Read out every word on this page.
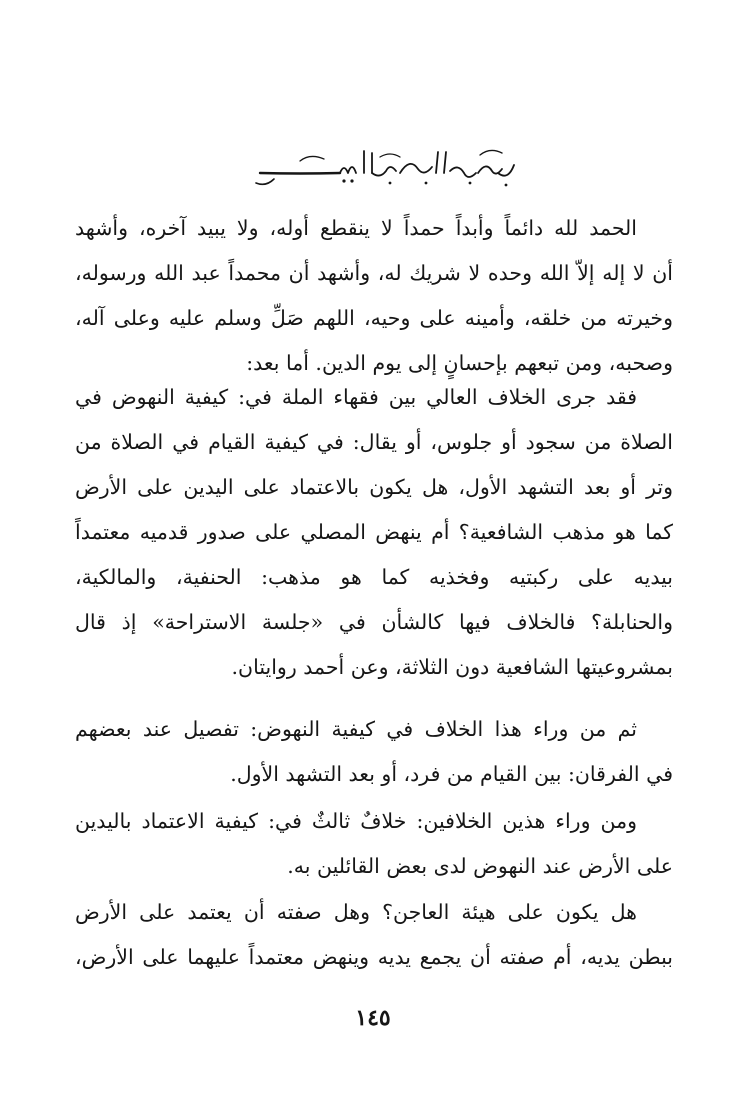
الحمد لله دائماً وأبداً حمداً لا ينقطع أوله، ولا يبيد آخره، وأشهد
أن لا إله إلاّ الله وحده لا شريك له، وأشهد أن محمداً عبد الله ورسوله،
وخيرته من خلقه، وأمينه على وحيه، اللهم صَلِّ وسلم عليه وعلى آله،
وصحبه، ومن تبعهم بإحسانٍ إلى يوم الدين. أما بعد:
فقد جرى الخلاف العالي بين فقهاء الملة في: كيفية النهوض في
الصلاة من سجود أو جلوس، أو يقال: في كيفية القيام في الصلاة من
وتر أو بعد التشهد الأول، هل يكون بالاعتماد على اليدين على الأرض
كما هو مذهب الشافعية؟ أم ينهض المصلي على صدور قدميه معتمداً
بيديه على ركبتيه وفخذيه كما هو مذهب: الحنفية، والمالكية،
والحنابلة؟ فالخلاف فيها كالشأن في «جلسة الاستراحة» إذ قال
بمشروعيتها الشافعية دون الثلاثة، وعن أحمد روايتان.
ثم من وراء هذا الخلاف في كيفية النهوض: تفصيل عند بعضهم
في الفرقان: بين القيام من فرد، أو بعد التشهد الأول.
ومن وراء هذين الخلافين: خلافٌ ثالثٌ في: كيفية الاعتماد باليدين
على الأرض عند النهوض لدى بعض القائلين به.
هل يكون على هيئة العاجن؟ وهل صفته أن يعتمد على الأرض
ببطن يديه، أم صفته أن يجمع يديه وينهض معتمداً عليهما على الأرض،
١٤٥
